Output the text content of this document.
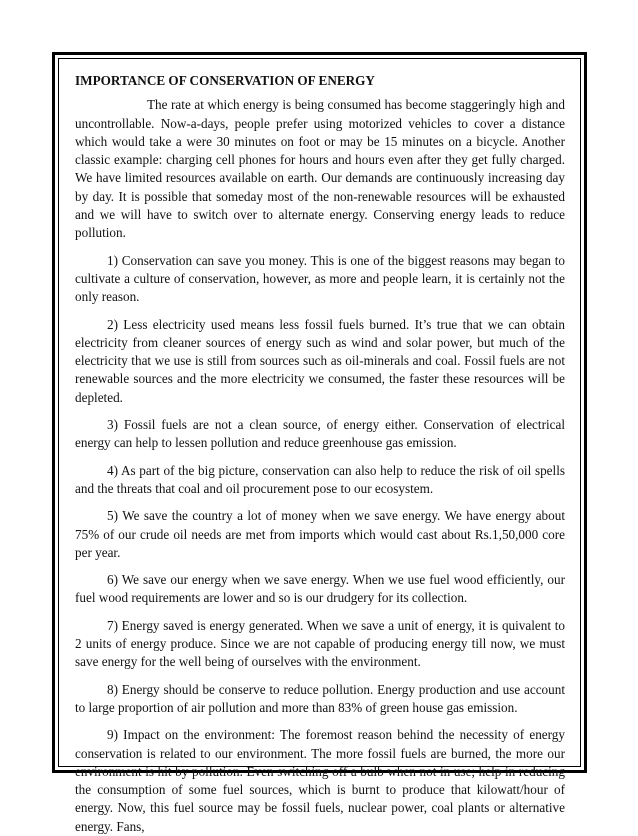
IMPORTANCE OF CONSERVATION OF ENERGY

The rate at which energy is being consumed has become staggeringly high and uncontrollable. Now-a-days, people prefer using motorized vehicles to cover a distance which would take a were 30 minutes on foot or may be 15 minutes on a bicycle. Another classic example: charging cell phones for hours and hours even after they get fully charged. We have limited resources available on earth. Our demands are continuously increasing day by day. It is possible that someday most of the non-renewable resources will be exhausted and we will have to switch over to alternate energy. Conserving energy leads to reduce pollution.

1) Conservation can save you money. This is one of the biggest reasons may began to cultivate a culture of conservation, however, as more and people learn, it is certainly not the only reason.

2) Less electricity used means less fossil fuels burned. It’s true that we can obtain electricity from cleaner sources of energy such as wind and solar power, but much of the electricity that we use is still from sources such as oil-minerals and coal. Fossil fuels are not renewable sources and the more electricity we consumed, the faster these resources will be depleted.

3) Fossil fuels are not a clean source, of energy either. Conservation of electrical energy can help to lessen pollution and reduce greenhouse gas emission.

4) As part of the big picture, conservation can also help to reduce the risk of oil spells and the threats that coal and oil procurement pose to our ecosystem.

5) We save the country a lot of money when we save energy. We have energy about 75% of our crude oil needs are met from imports which would cast about Rs.1,50,000 core per year.

6) We save our energy when we save energy. When we use fuel wood efficiently, our fuel wood requirements are lower and so is our drudgery for its collection.

7) Energy saved is energy generated. When we save a unit of energy, it is quivalent to 2 units of energy produce. Since we are not capable of producing energy till now, we must save energy for the well being of ourselves with the environment.

8) Energy should be conserve to reduce pollution. Energy production and use account to large proportion of air pollution and more than 83% of green house gas emission.

9) Impact on the environment: The foremost reason behind the necessity of energy conservation is related to our environment. The more fossil fuels are burned, the more our environment is hit by pollution. Even switching off a bulb when not in use; help in reducing the consumption of some fuel sources, which is burnt to produce that kilowatt/hour of energy. Now, this fuel source may be fossil fuels, nuclear power, coal plants or alternative energy. Fans,
